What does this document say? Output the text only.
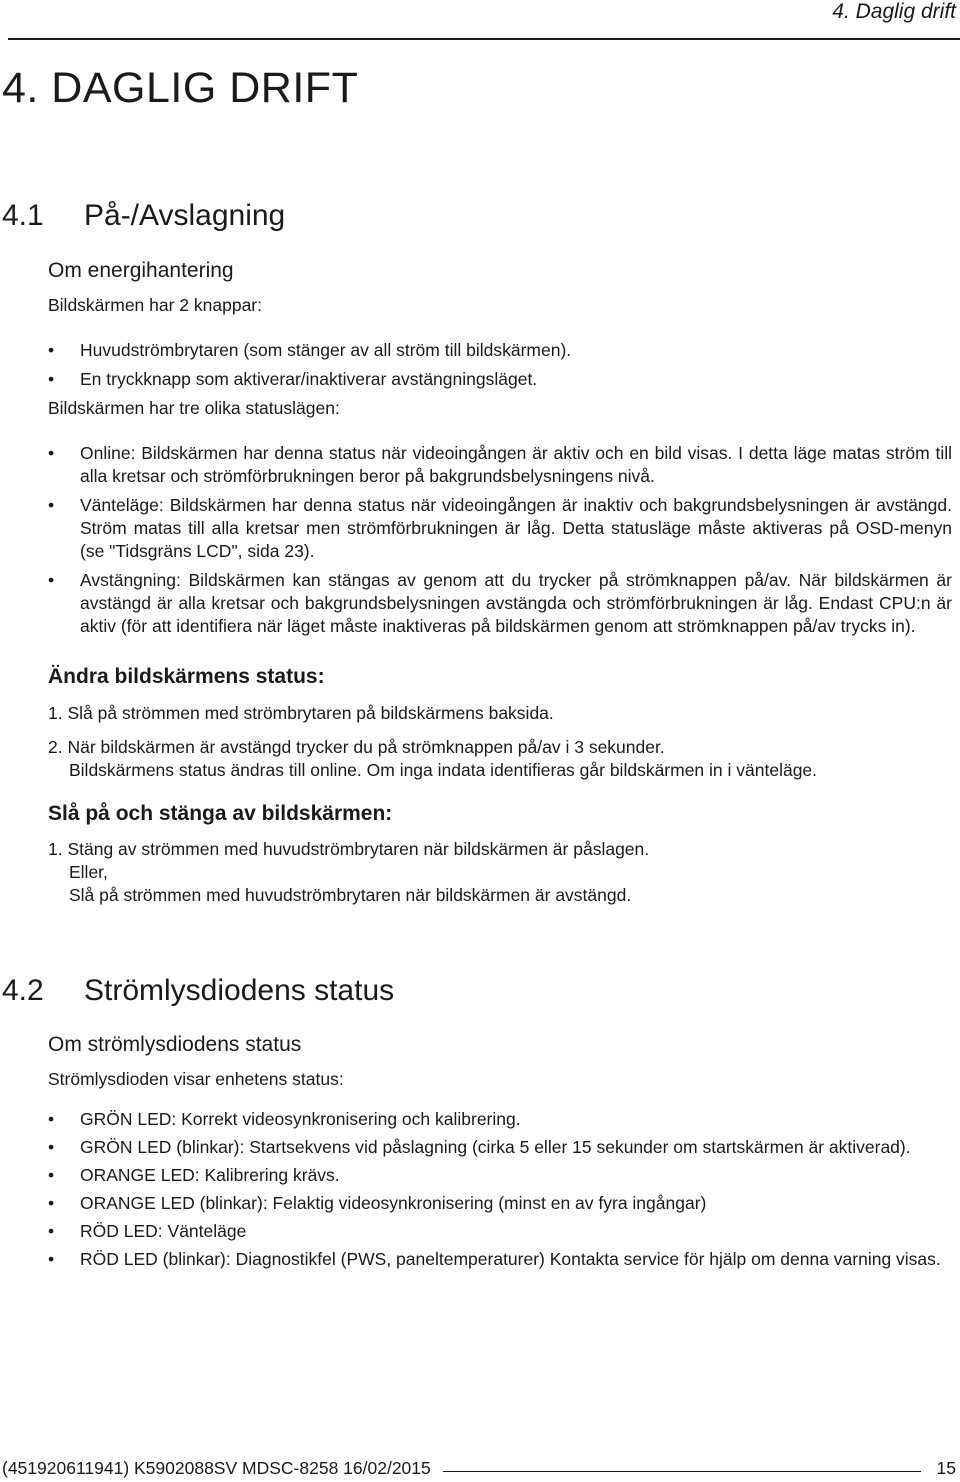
4. Daglig drift
4. DAGLIG DRIFT
4.1 På-/Avslagning
Om energihantering

Bildskärmen har 2 knappar:

• Huvudströmbrytaren (som stänger av all ström till bildskärmen).
• En tryckknapp som aktiverar/inaktiverar avstängningsläget.

Bildskärmen har tre olika statuslägen:

• Online: Bildskärmen har denna status när videoingången är aktiv och en bild visas. I detta läge matas ström till alla kretsar och strömförbrukningen beror på bakgrundsbelysningens nivå.
• Vänteläge: Bildskärmen har denna status när videoingången är inaktiv och bakgrundsbelysningen är avstängd. Ström matas till alla kretsar men strömförbrukningen är låg. Detta statusläge måste aktiveras på OSD-menyn (se "Tidsgräns LCD", sida 23).
• Avstängning: Bildskärmen kan stängas av genom att du trycker på strömknappen på/av. När bildskärmen är avstängd är alla kretsar och bakgrundsbelysningen avstängda och strömförbrukningen är låg. Endast CPU:n är aktiv (för att identifiera när läget måste inaktiveras på bildskärmen genom att strömknappen på/av trycks in).
Ändra bildskärmens status:

1. Slå på strömmen med strömbrytaren på bildskärmens baksida.

2. När bildskärmen är avstängd trycker du på strömknappen på/av i 3 sekunder.

Bildskärmens status ändras till online. Om inga indata identifieras går bildskärmen in i vänteläge.

Slå på och stänga av bildskärmen:

1. Stäng av strömmen med huvudströmbrytaren när bildskärmen är påslagen.

Eller,

Slå på strömmen med huvudströmbrytaren när bildskärmen är avstängd.

4.2 Strömlysdiodens status
Om strömlysdiodens status

Strömlysdioden visar enhetens status:

• GRÖN LED: Korrekt videosynkronisering och kalibrering.
• GRÖN LED (blinkar): Startsekvens vid påslagning (cirka 5 eller 15 sekunder om startskärmen är aktiverad).
• ORANGE LED: Kalibrering krävs.
• ORANGE LED (blinkar): Felaktig videosynkronisering (minst en av fyra ingångar)
• RÖD LED: Vänteläge
• RÖD LED (blinkar): Diagnostikfel (PWS, paneltemperaturer) Kontakta service för hjälp om denna varning visas.
(451920611941) K5902088SV MDSC-8258 16/02/2015	15
